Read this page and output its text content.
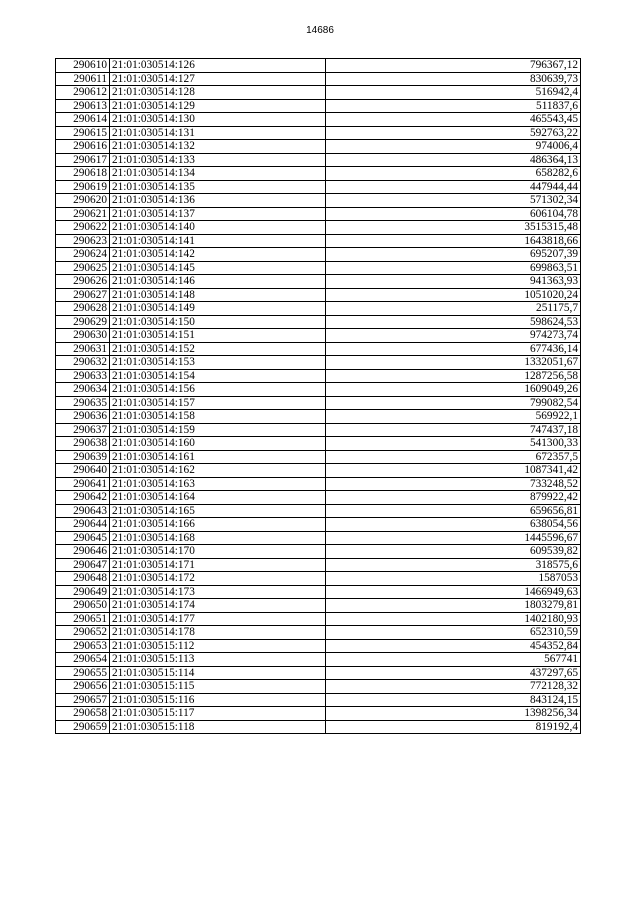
14686
290610	21:01:030514:126	796367,12
290611	21:01:030514:127	830639,73
290612	21:01:030514:128	516942,4
290613	21:01:030514:129	511837,6
290614	21:01:030514:130	465543,45
290615	21:01:030514:131	592763,22
290616	21:01:030514:132	974006,4
290617	21:01:030514:133	486364,13
290618	21:01:030514:134	658282,6
290619	21:01:030514:135	447944,44
290620	21:01:030514:136	571302,34
290621	21:01:030514:137	606104,78
290622	21:01:030514:140	3515315,48
290623	21:01:030514:141	1643818,66
290624	21:01:030514:142	695207,39
290625	21:01:030514:145	699863,51
290626	21:01:030514:146	941363,93
290627	21:01:030514:148	1051020,24
290628	21:01:030514:149	251175,7
290629	21:01:030514:150	598624,53
290630	21:01:030514:151	974273,74
290631	21:01:030514:152	677436,14
290632	21:01:030514:153	1332051,67
290633	21:01:030514:154	1287256,58
290634	21:01:030514:156	1609049,26
290635	21:01:030514:157	799082,54
290636	21:01:030514:158	569922,1
290637	21:01:030514:159	747437,18
290638	21:01:030514:160	541300,33
290639	21:01:030514:161	672357,5
290640	21:01:030514:162	1087341,42
290641	21:01:030514:163	733248,52
290642	21:01:030514:164	879922,42
290643	21:01:030514:165	659656,81
290644	21:01:030514:166	638054,56
290645	21:01:030514:168	1445596,67
290646	21:01:030514:170	609539,82
290647	21:01:030514:171	318575,6
290648	21:01:030514:172	1587053
290649	21:01:030514:173	1466949,63
290650	21:01:030514:174	1803279,81
290651	21:01:030514:177	1402180,93
290652	21:01:030514:178	652310,59
290653	21:01:030515:112	454352,84
290654	21:01:030515:113	567741
290655	21:01:030515:114	437297,65
290656	21:01:030515:115	772128,32
290657	21:01:030515:116	843124,15
290658	21:01:030515:117	1398256,34
290659	21:01:030515:118	819192,4
